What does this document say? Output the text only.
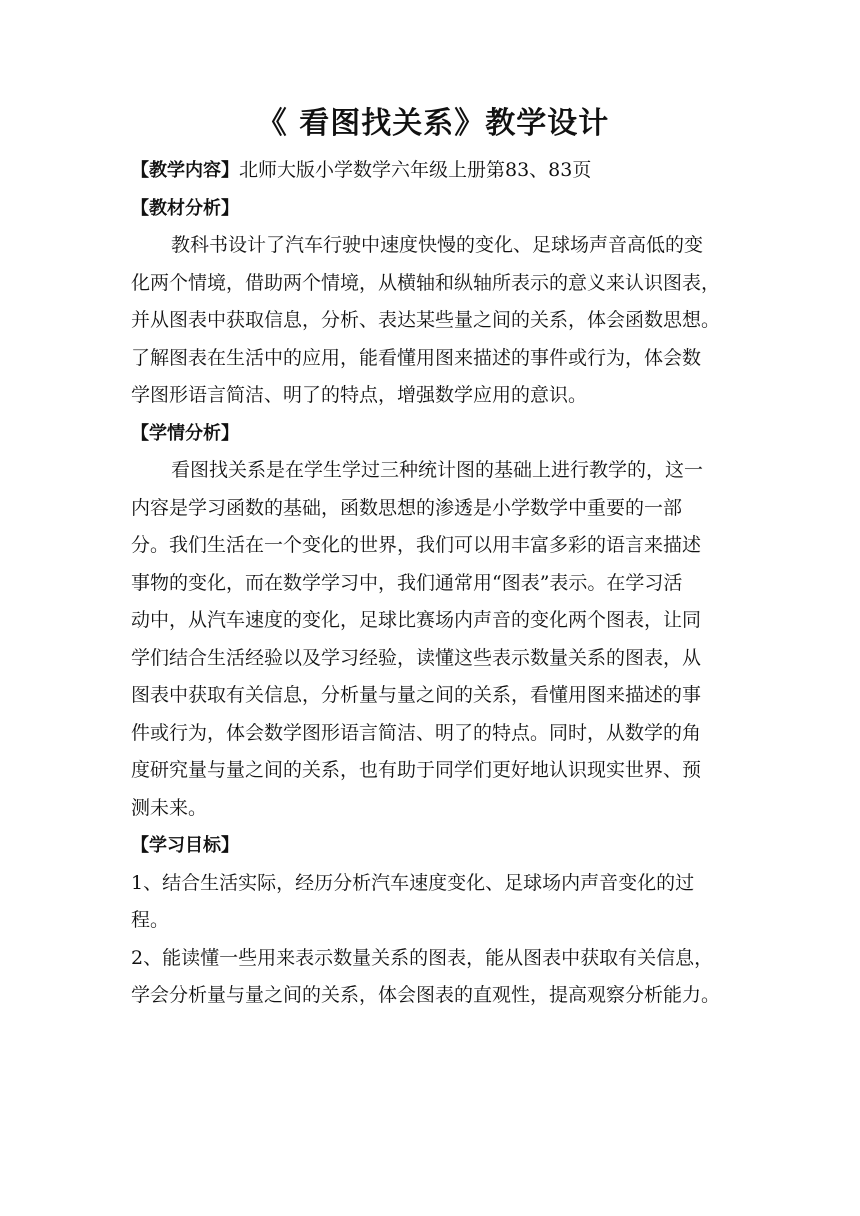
《 看图找关系》教学设计

【教学内容】北师大版小学数学六年级上册第83、83页

【教材分析】

教科书设计了汽车行驶中速度快慢的变化、足球场声音高低的变

化两个情境，借助两个情境，从横轴和纵轴所表示的意义来认识图表，

并从图表中获取信息，分析、表达某些量之间的关系，体会函数思想。

了解图表在生活中的应用，能看懂用图来描述的事件或行为，体会数

学图形语言简洁、明了的特点，增强数学应用的意识。

【学情分析】

看图找关系是在学生学过三种统计图的基础上进行教学的，这一

内容是学习函数的基础，函数思想的渗透是小学数学中重要的一部

分。我们生活在一个变化的世界，我们可以用丰富多彩的语言来描述

事物的变化，而在数学学习中，我们通常用“图表”表示。在学习活

动中，从汽车速度的变化，足球比赛场内声音的变化两个图表，让同

学们结合生活经验以及学习经验，读懂这些表示数量关系的图表，从

图表中获取有关信息，分析量与量之间的关系，看懂用图来描述的事

件或行为，体会数学图形语言简洁、明了的特点。同时，从数学的角

度研究量与量之间的关系，也有助于同学们更好地认识现实世界、预

测未来。

【学习目标】

1、结合生活实际，经历分析汽车速度变化、足球场内声音变化的过

程。

2、能读懂一些用来表示数量关系的图表，能从图表中获取有关信息，

学会分析量与量之间的关系，体会图表的直观性，提高观察分析能力。
